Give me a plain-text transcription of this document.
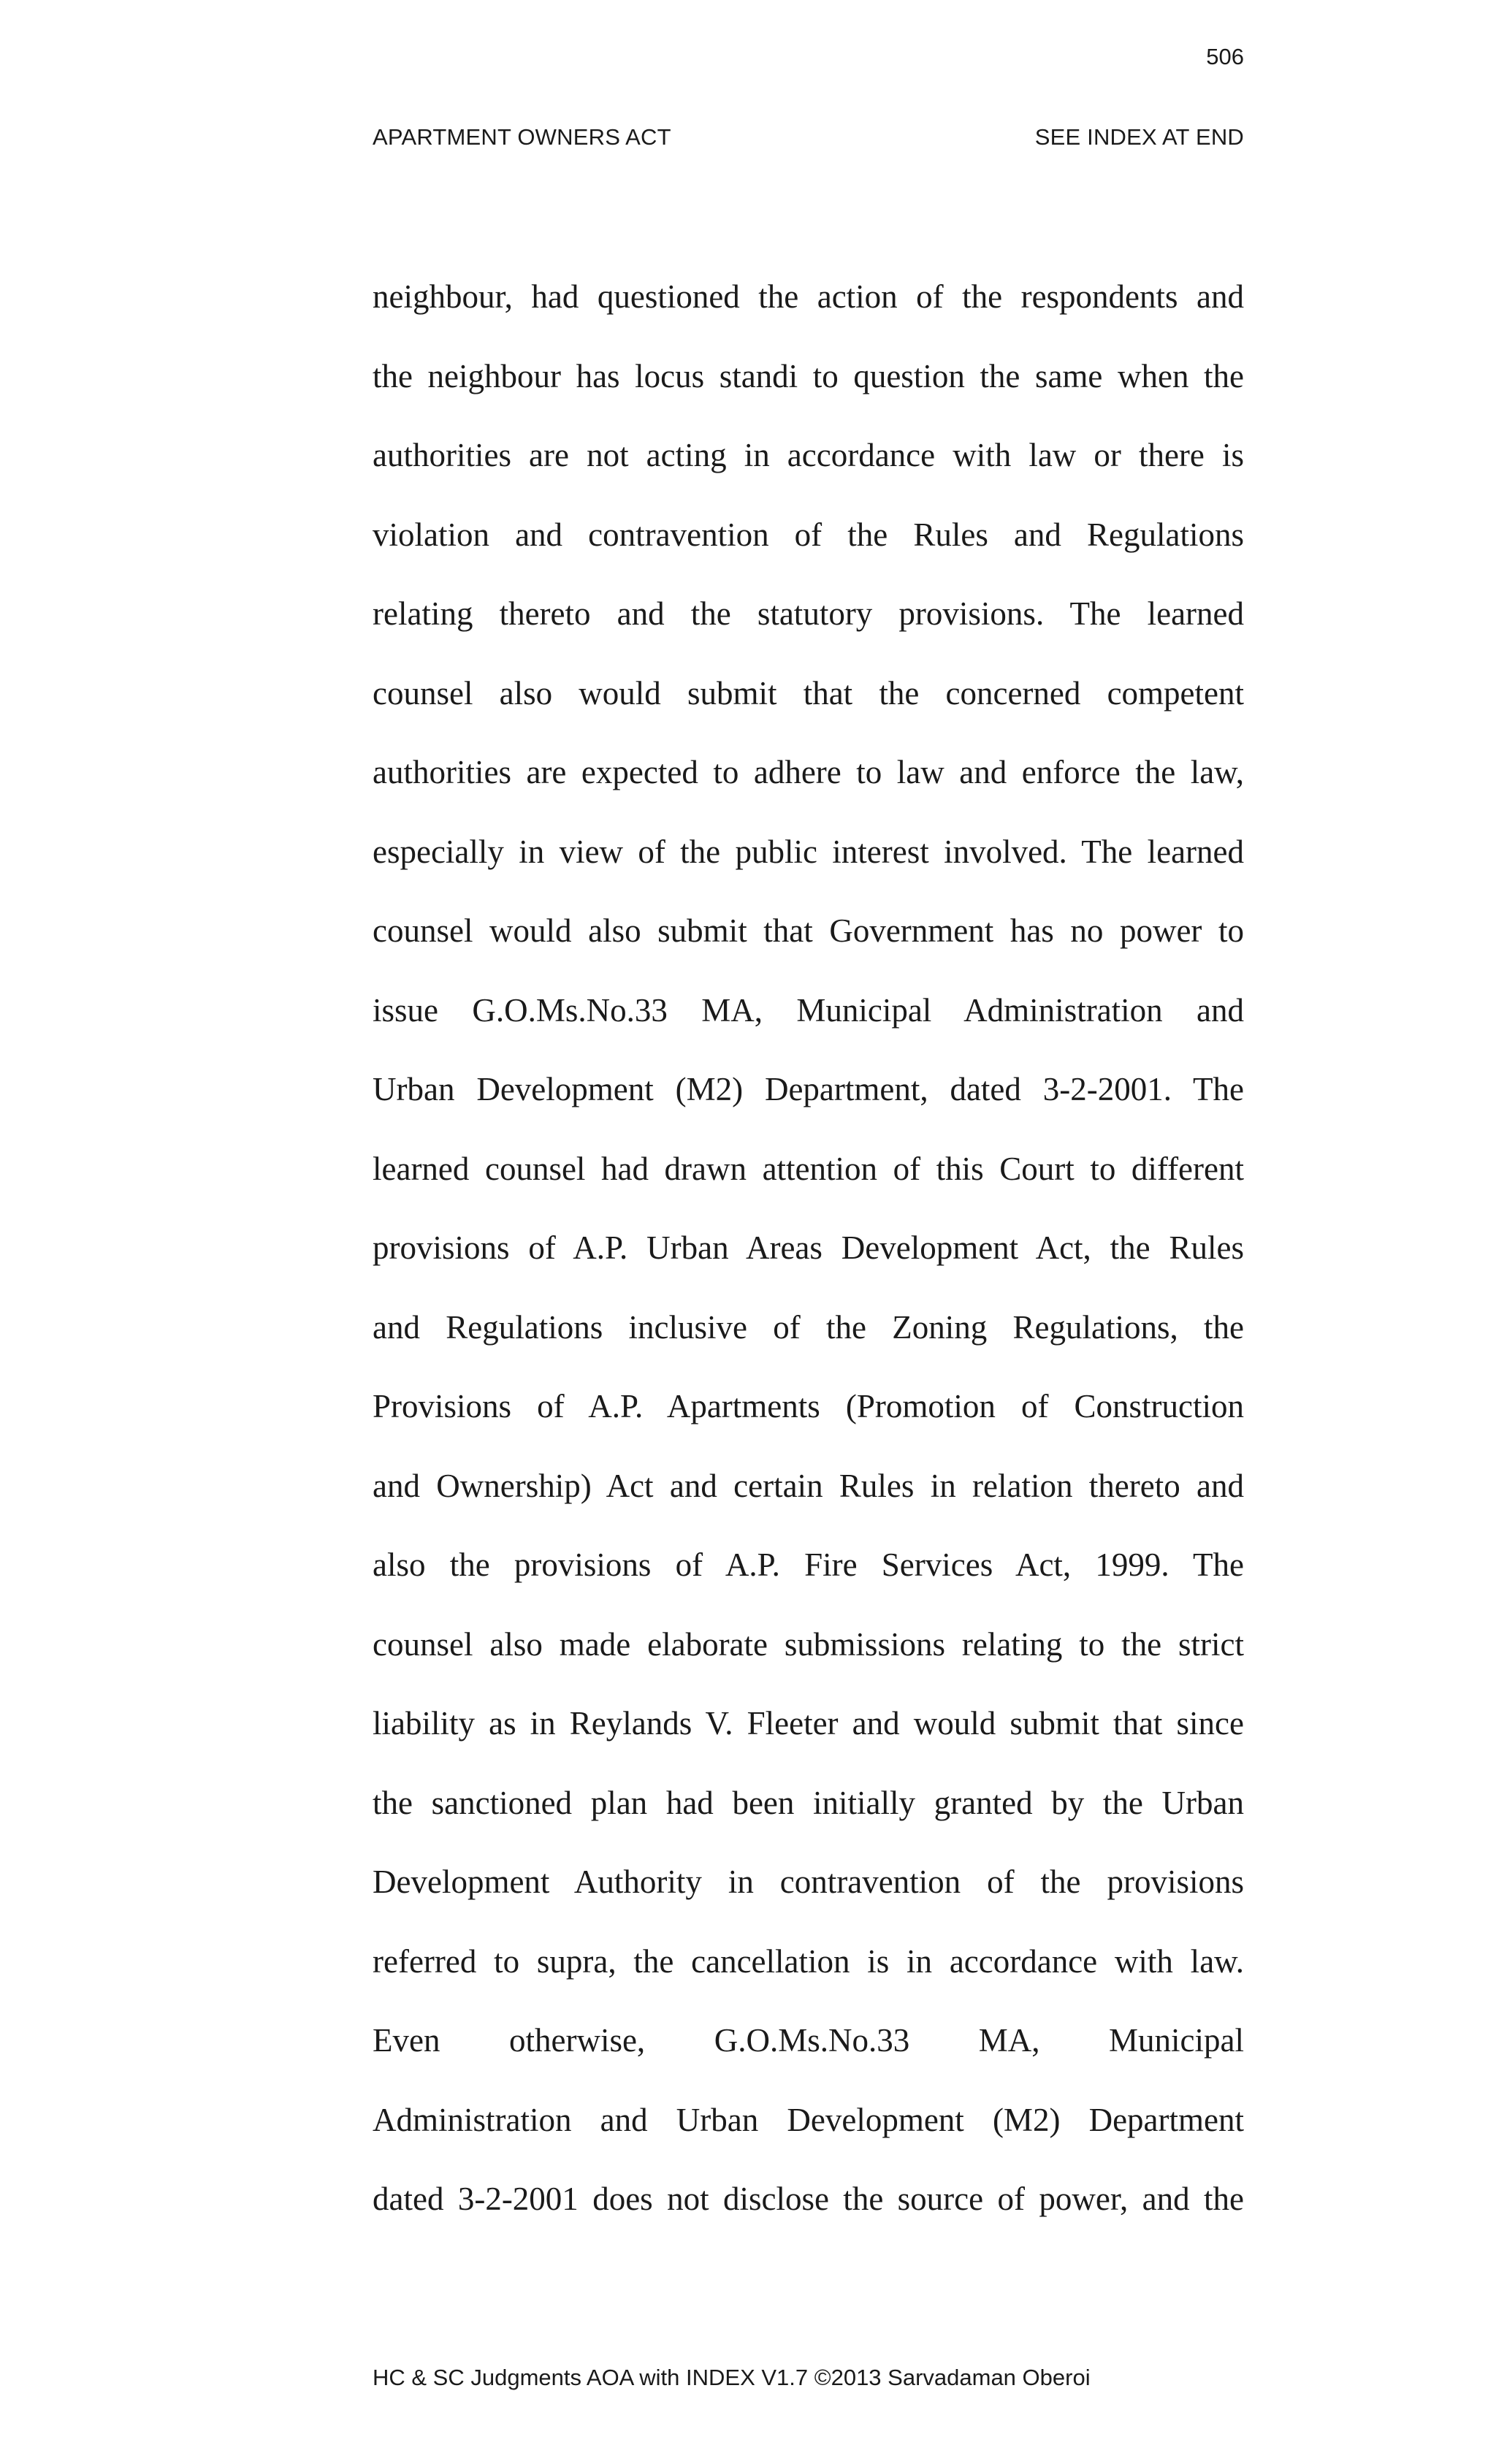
506
APARTMENT OWNERS ACT	SEE INDEX AT END
neighbour, had questioned the action of the respondents and
the neighbour has locus standi to question the same when the
authorities are not acting in accordance with law or there is
violation and contravention of the Rules and Regulations
relating thereto and the statutory provisions. The learned
counsel also would submit that the concerned competent
authorities are expected to adhere to law and enforce the law,
especially in view of the public interest involved. The learned
counsel would also submit that Government has no power to
issue G.O.Ms.No.33 MA, Municipal Administration and
Urban Development (M2) Department, dated 3-2-2001. The
learned counsel had drawn attention of this Court to different
provisions of A.P. Urban Areas Development Act, the Rules
and Regulations inclusive of the Zoning Regulations, the
Provisions of A.P. Apartments (Promotion of Construction
and Ownership) Act and certain Rules in relation thereto and
also the provisions of A.P. Fire Services Act, 1999. The
counsel also made elaborate submissions relating to the strict
liability as in Reylands V. Fleeter and would submit that since
the sanctioned plan had been initially granted by the Urban
Development Authority in contravention of the provisions
referred to supra, the cancellation is in accordance with law.
Even otherwise, G.O.Ms.No.33 MA, Municipal
Administration and Urban Development (M2) Department
dated 3-2-2001 does not disclose the source of power, and the
HC & SC Judgments AOA with INDEX V1.7 ©2013 Sarvadaman Oberoi
